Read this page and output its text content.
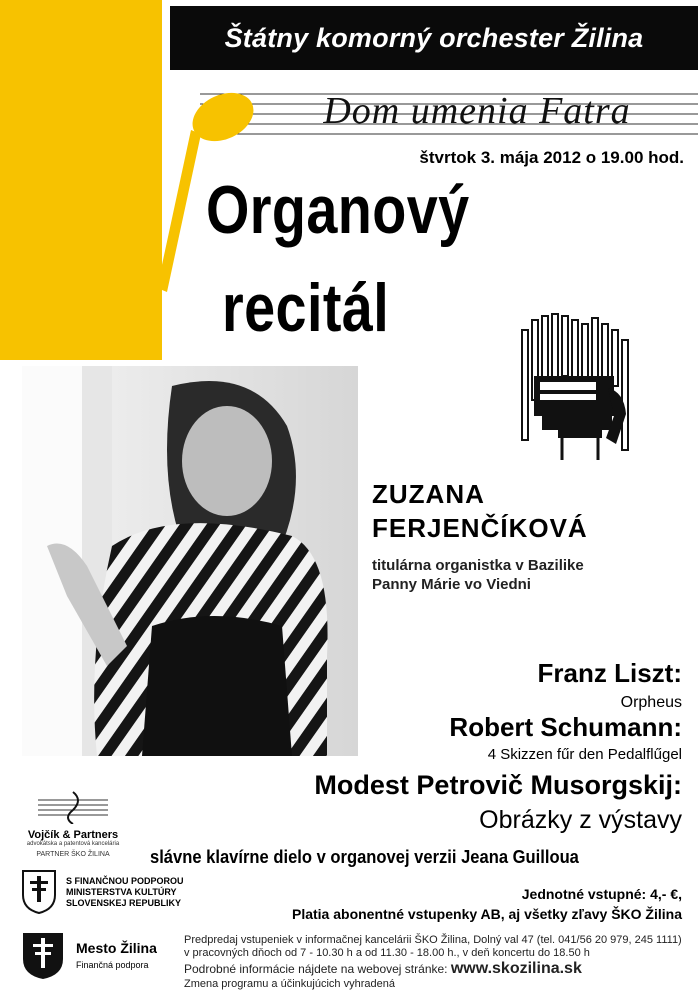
Štátny komorný orchester Žilina
Dom umenia Fatra
štvrtok 3. mája 2012 o 19.00 hod.
Organový
recitál
ZUZANA
FERJENČÍKOVÁ
titulárna organistka v Bazilike
Panny Márie vo Viedni
Franz Liszt:
Orpheus
Robert Schumann:
4 Skizzen fűr den Pedalflűgel
Modest Petrovič Musorgskij:
Obrázky z výstavy
slávne klavírne dielo v organovej verzii Jeana Guilloua
Vojčík & Partners
advokátska a patentová kancelária
PARTNER ŠKO ŽILINA
S FINANČNOU PODPOROU
MINISTERSTVA KULTÚRY
SLOVENSKEJ REPUBLIKY
Mesto Žilina
Finančná podpora
Jednotné vstupné: 4,- €,
Platia abonentné vstupenky AB, aj všetky zľavy ŠKO Žilina
Predpredaj vstupeniek v informačnej kancelárii ŠKO Žilina, Dolný val 47 (tel. 041/56 20 979, 245 1111)
v pracovných dňoch od 7 - 10.30 h a od 11.30 - 18.00 h., v deň koncertu do 18.50 h
Podrobné informácie nájdete na webovej stránke: www.skozilina.sk
Zmena programu a účinkujúcich vyhradená
